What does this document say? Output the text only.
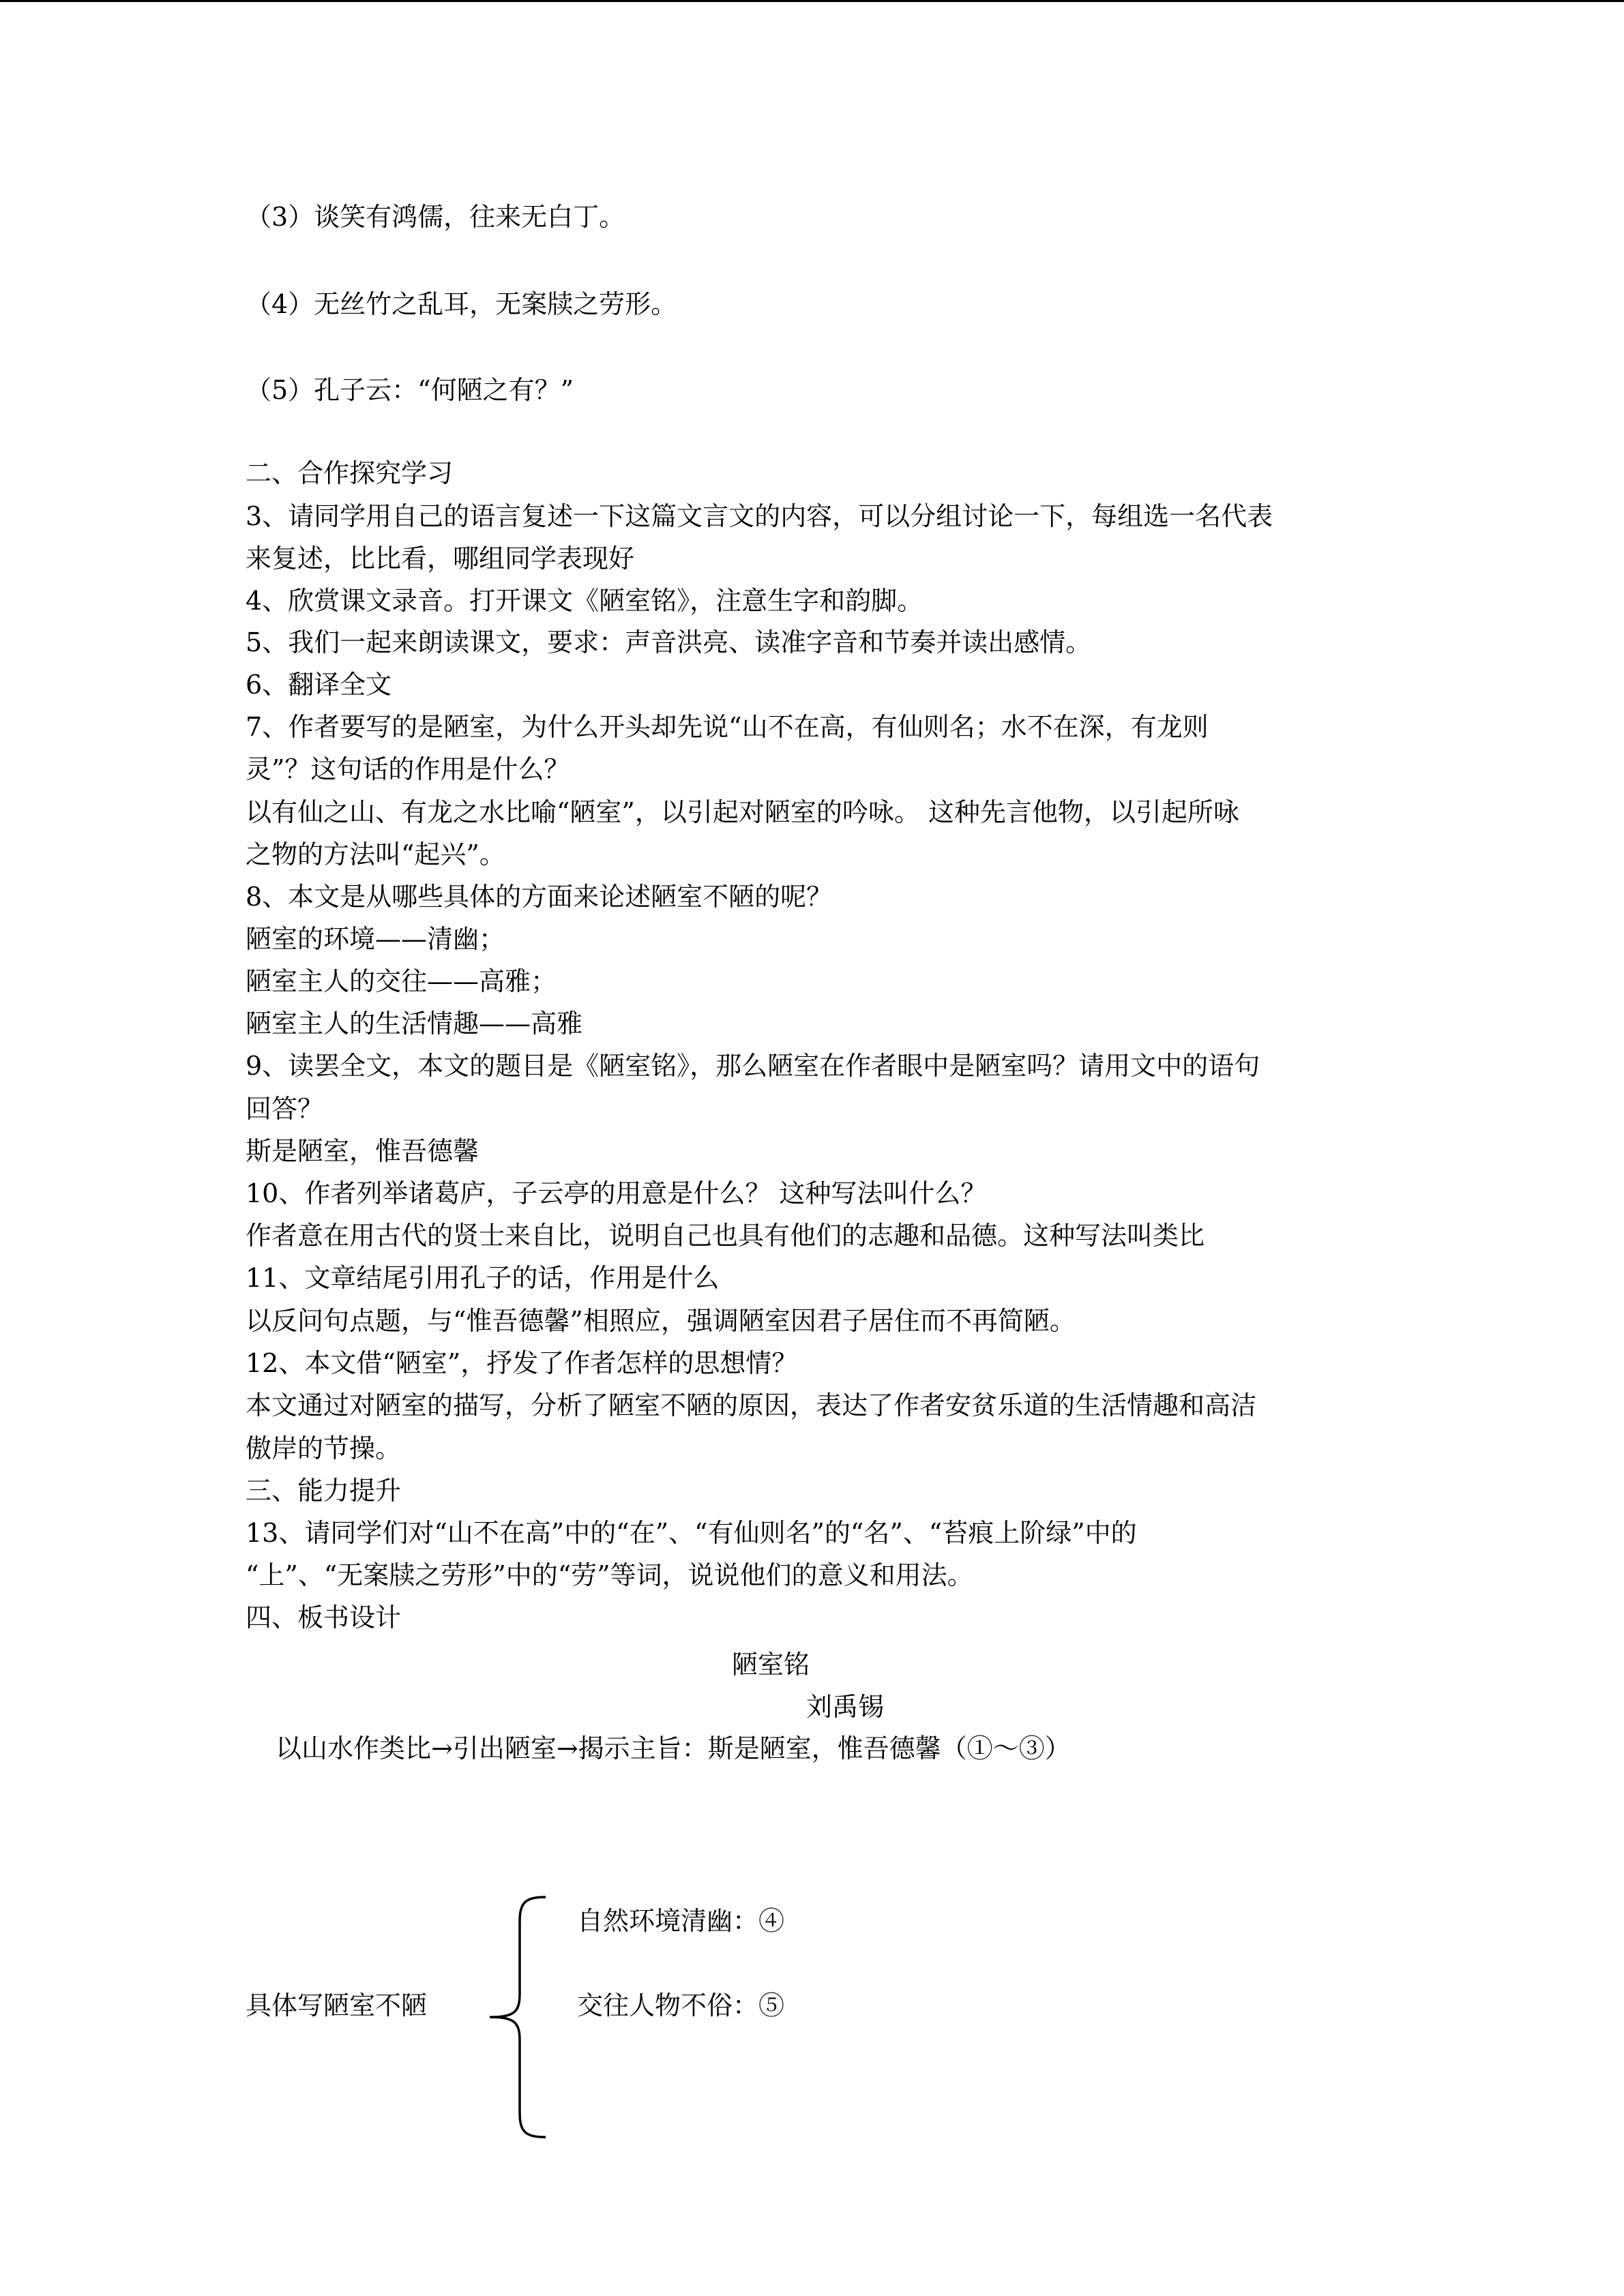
（3）谈笑有鸿儒，往来无白丁。
（4）无丝竹之乱耳，无案牍之劳形。
（5）孔子云：“何陋之有？”
二、合作探究学习
3、请同学用自己的语言复述一下这篇文言文的内容，可以分组讨论一下，每组选一名代表
来复述，比比看，哪组同学表现好
4、欣赏课文录音。打开课文《陋室铭》，注意生字和韵脚。
5、我们一起来朗读课文，要求：声音洪亮、读准字音和节奏并读出感情。
6、翻译全文
7、作者要写的是陋室，为什么开头却先说“山不在高，有仙则名；水不在深，有龙则
灵”？这句话的作用是什么？
以有仙之山、有龙之水比喻“陋室”，以引起对陋室的吟咏。 这种先言他物，以引起所咏
之物的方法叫“起兴”。
8、本文是从哪些具体的方面来论述陋室不陋的呢？
陋室的环境——清幽；
陋室主人的交往——高雅；
陋室主人的生活情趣——高雅
9、读罢全文，本文的题目是《陋室铭》，那么陋室在作者眼中是陋室吗？请用文中的语句
回答？
斯是陋室，惟吾德馨
10、作者列举诸葛庐，子云亭的用意是什么？ 这种写法叫什么？
作者意在用古代的贤士来自比，说明自己也具有他们的志趣和品德。这种写法叫类比
11、文章结尾引用孔子的话，作用是什么
以反问句点题，与“惟吾德馨”相照应，强调陋室因君子居住而不再简陋。
12、本文借“陋室”，抒发了作者怎样的思想情？
本文通过对陋室的描写，分析了陋室不陋的原因，表达了作者安贫乐道的生活情趣和高洁
傲岸的节操。
三、能力提升
13、请同学们对“山不在高”中的“在”、“有仙则名”的“名”、“苔痕上阶绿”中的
“上”、“无案牍之劳形”中的“劳”等词，说说他们的意义和用法。
四、板书设计
陋室铭
刘禹锡
以山水作类比→引出陋室→揭示主旨：斯是陋室，惟吾德馨（①～③）
具体写陋室不陋
自然环境清幽：④
交往人物不俗：⑤
